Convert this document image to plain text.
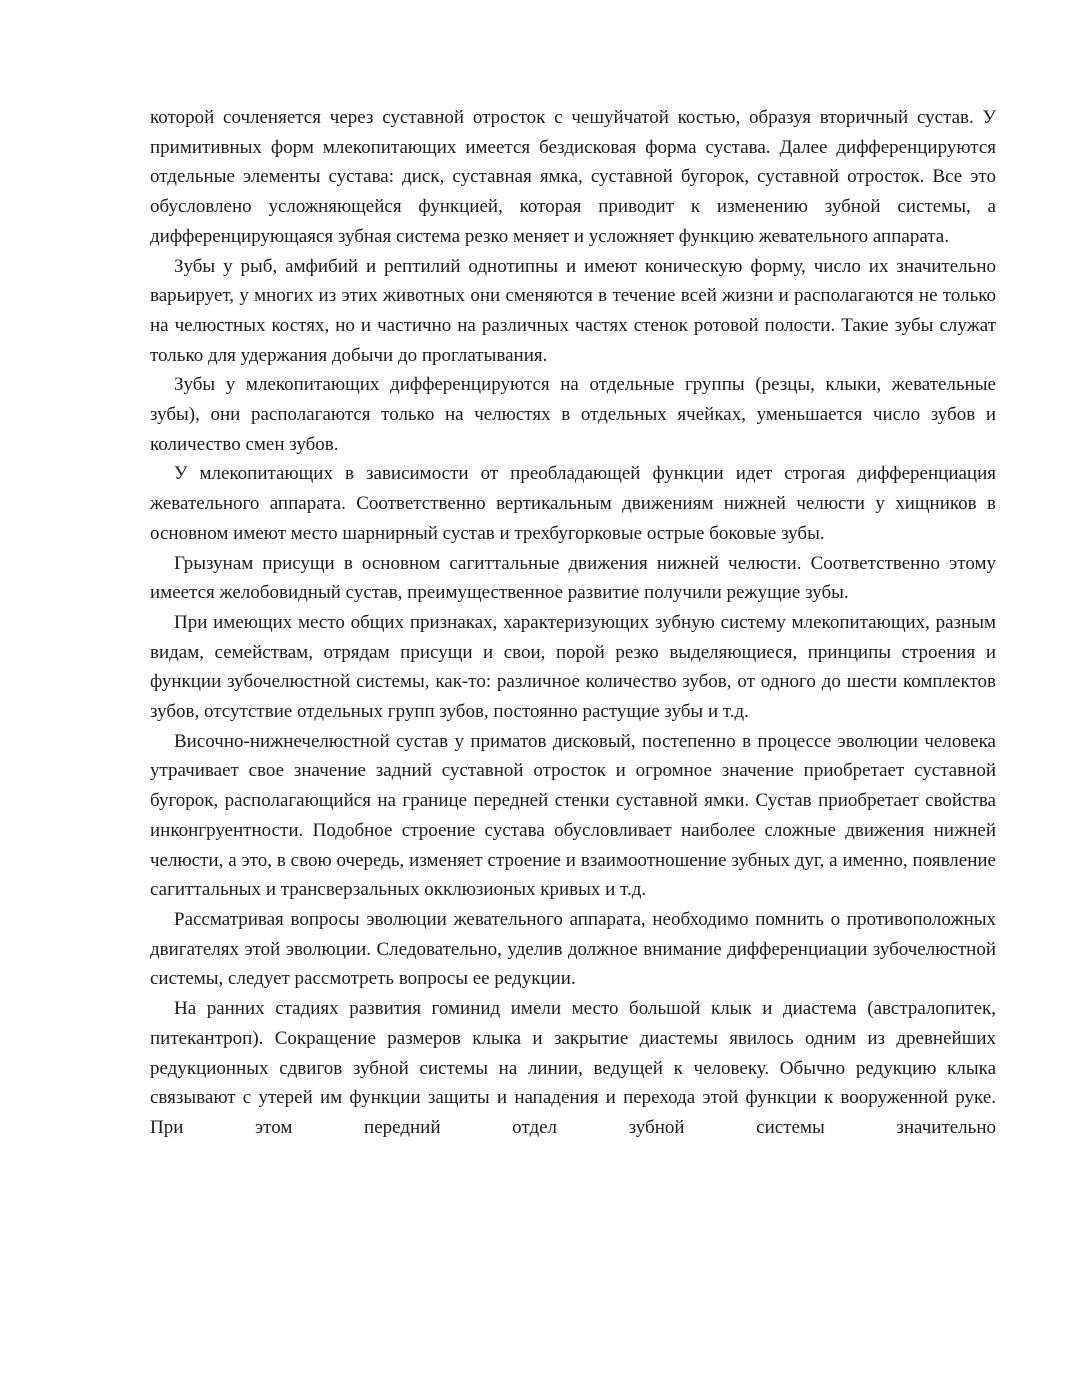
которой сочленяется через суставной отросток с чешуйчатой костью, образуя вторичный сустав. У примитивных форм млекопитающих имеется бездисковая форма сустава. Далее дифференцируются отдельные элементы сустава: диск, суставная ямка, суставной бугорок, суставной отросток. Все это обусловлено усложняющейся функцией, которая приводит к изменению зубной системы, а дифференцирующаяся зубная система резко меняет и усложняет функцию жевательного аппарата.

Зубы у рыб, амфибий и рептилий однотипны и имеют коническую форму, число их значительно варьирует, у многих из этих животных они сменяются в течение всей жизни и располагаются не только на челюстных костях, но и частично на различных частях стенок ротовой полости. Такие зубы служат только для удержания добычи до проглатывания.

Зубы у млекопитающих дифференцируются на отдельные группы (резцы, клыки, жевательные зубы), они располагаются только на челюстях в отдельных ячейках, уменьшается число зубов и количество смен зубов.

У млекопитающих в зависимости от преобладающей функции идет строгая дифференциация жевательного аппарата. Соответственно вертикальным движениям нижней челюсти у хищников в основном имеют место шарнирный сустав и трехбугорковые острые боковые зубы.

Грызунам присущи в основном сагиттальные движения нижней челюсти. Соответственно этому имеется желобовидный сустав, преимущественное развитие получили режущие зубы.

При имеющих место общих признаках, характеризующих зубную систему млекопитающих, разным видам, семействам, отрядам присущи и свои, порой резко выделяющиеся, принципы строения и функции зубочелюстной системы, как-то: различное количество зубов, от одного до шести комплектов зубов, отсутствие отдельных групп зубов, постоянно растущие зубы и т.д.

Височно-нижнечелюстной сустав у приматов дисковый, постепенно в процессе эволюции человека утрачивает свое значение задний суставной отросток и огромное значение приобретает суставной бугорок, располагающийся на границе передней стенки суставной ямки. Сустав приобретает свойства инконгруентности. Подобное строение сустава обусловливает наиболее сложные движения нижней челюсти, а это, в свою очередь, изменяет строение и взаимоотношение зубных дуг, а именно, появление сагиттальных и трансверзальных окклюзионых кривых и т.д.

Рассматривая вопросы эволюции жевательного аппарата, необходимо помнить о противоположных двигателях этой эволюции. Следовательно, уделив должное внимание дифференциации зубочелюстной системы, следует рассмотреть вопросы ее редукции.

На ранних стадиях развития гоминид имели место большой клык и диастема (австралопитек, питекантроп). Сокращение размеров клыка и закрытие диастемы явилось одним из древнейших редукционных сдвигов зубной системы на линии, ведущей к человеку. Обычно редукцию клыка связывают с утерей им функции защиты и нападения и перехода этой функции к вооруженной руке. При этом передний отдел зубной системы значительно
